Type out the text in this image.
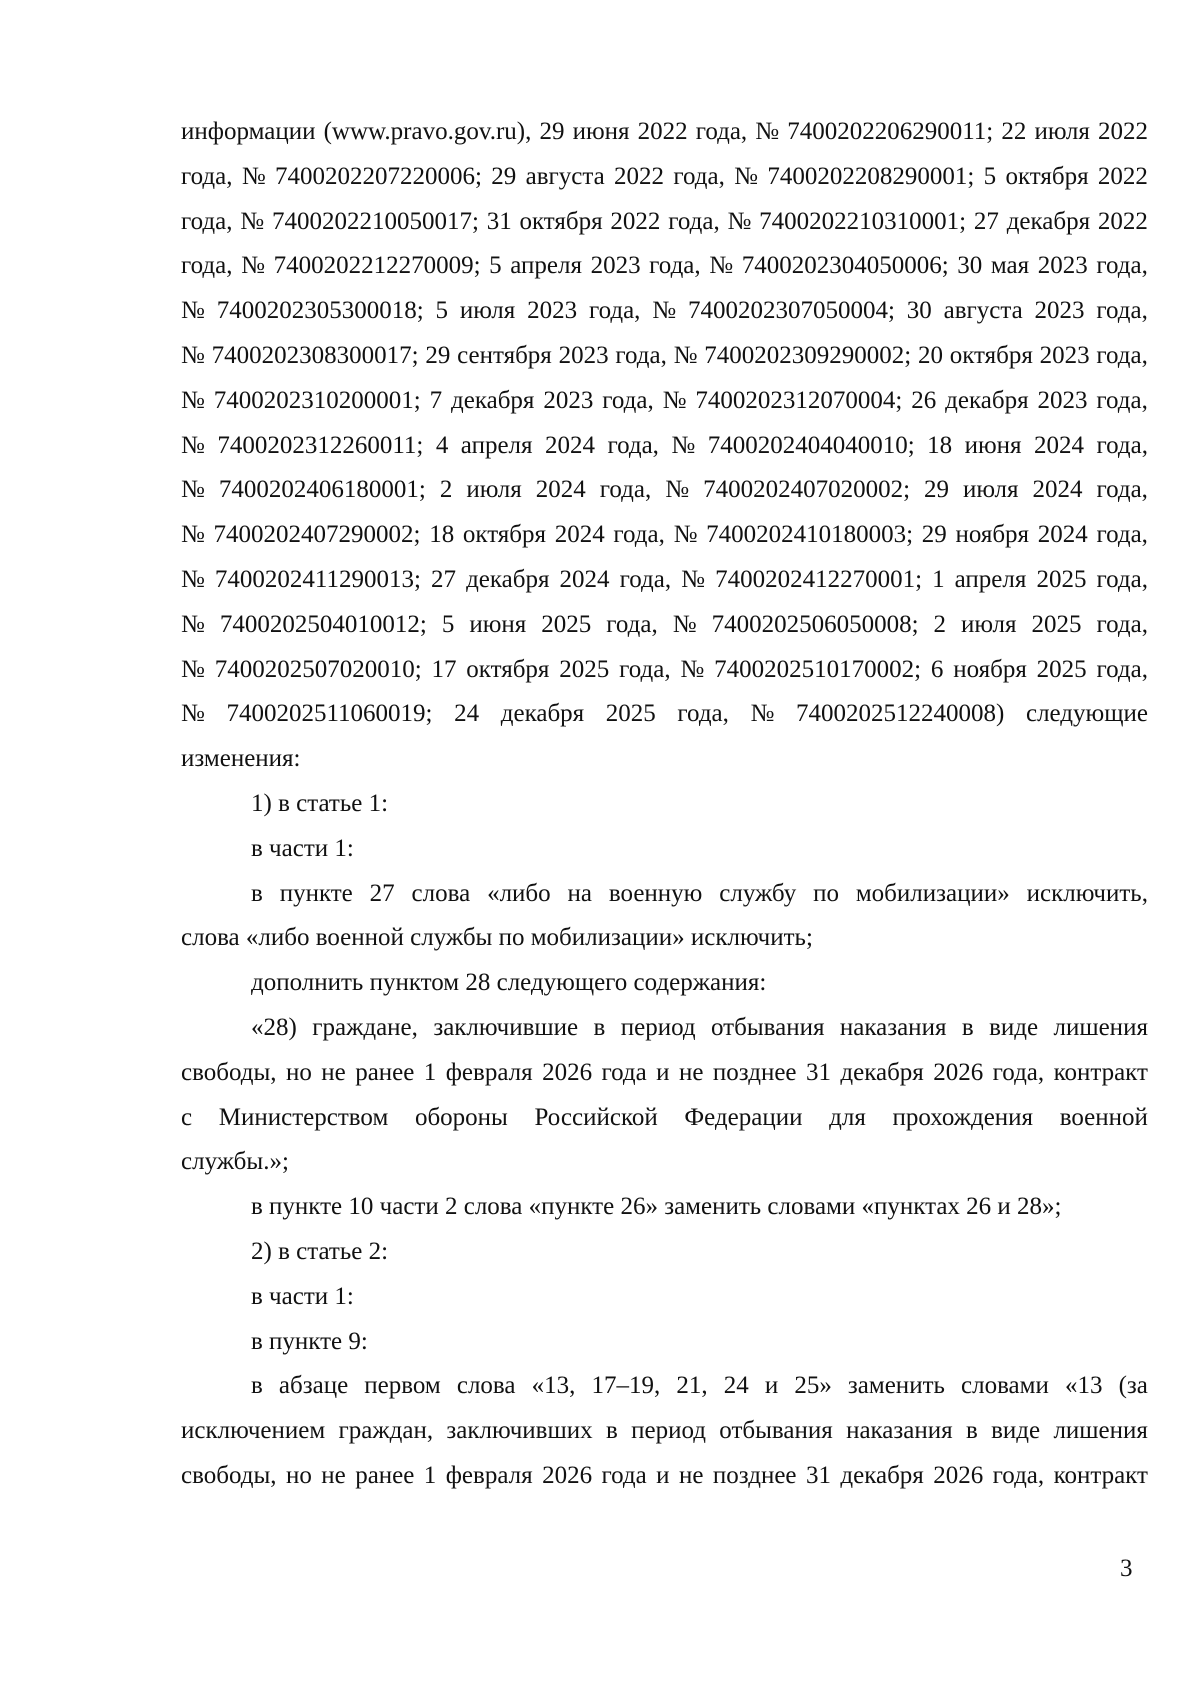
информации (www.pravo.gov.ru), 29 июня 2022 года, № 7400202206290011; 22 июля 2022
года, № 7400202207220006; 29 августа 2022 года, № 7400202208290001; 5 октября 2022
года, № 7400202210050017; 31 октября 2022 года, № 7400202210310001; 27 декабря 2022
года, № 7400202212270009; 5 апреля 2023 года, № 7400202304050006; 30 мая 2023 года,
№ 7400202305300018; 5 июля 2023 года, № 7400202307050004; 30 августа 2023 года,
№ 7400202308300017; 29 сентября 2023 года, № 7400202309290002; 20 октября 2023 года,
№ 7400202310200001; 7 декабря 2023 года, № 7400202312070004; 26 декабря 2023 года,
№ 7400202312260011; 4 апреля 2024 года, № 7400202404040010; 18 июня 2024 года,
№ 7400202406180001; 2 июля 2024 года, № 7400202407020002; 29 июля 2024 года,
№ 7400202407290002; 18 октября 2024 года, № 7400202410180003; 29 ноября 2024 года,
№ 7400202411290013; 27 декабря 2024 года, № 7400202412270001; 1 апреля 2025 года,
№ 7400202504010012; 5 июня 2025 года, № 7400202506050008; 2 июля 2025 года,
№ 7400202507020010; 17 октября 2025 года, № 7400202510170002; 6 ноября 2025 года,
№ 7400202511060019; 24 декабря 2025 года, № 7400202512240008) следующие
изменения:
1) в статье 1:
в части 1:
в пункте 27 слова «либо на военную службу по мобилизации» исключить,
слова «либо военной службы по мобилизации» исключить;
дополнить пунктом 28 следующего содержания:
«28) граждане, заключившие в период отбывания наказания в виде лишения
свободы, но не ранее 1 февраля 2026 года и не позднее 31 декабря 2026 года, контракт
с Министерством обороны Российской Федерации для прохождения военной
службы.»;
в пункте 10 части 2 слова «пункте 26» заменить словами «пунктах 26 и 28»;
2) в статье 2:
в части 1:
в пункте 9:
в абзаце первом слова «13, 17–19, 21, 24 и 25» заменить словами «13 (за
исключением граждан, заключивших в период отбывания наказания в виде лишения
свободы, но не ранее 1 февраля 2026 года и не позднее 31 декабря 2026 года, контракт
3
